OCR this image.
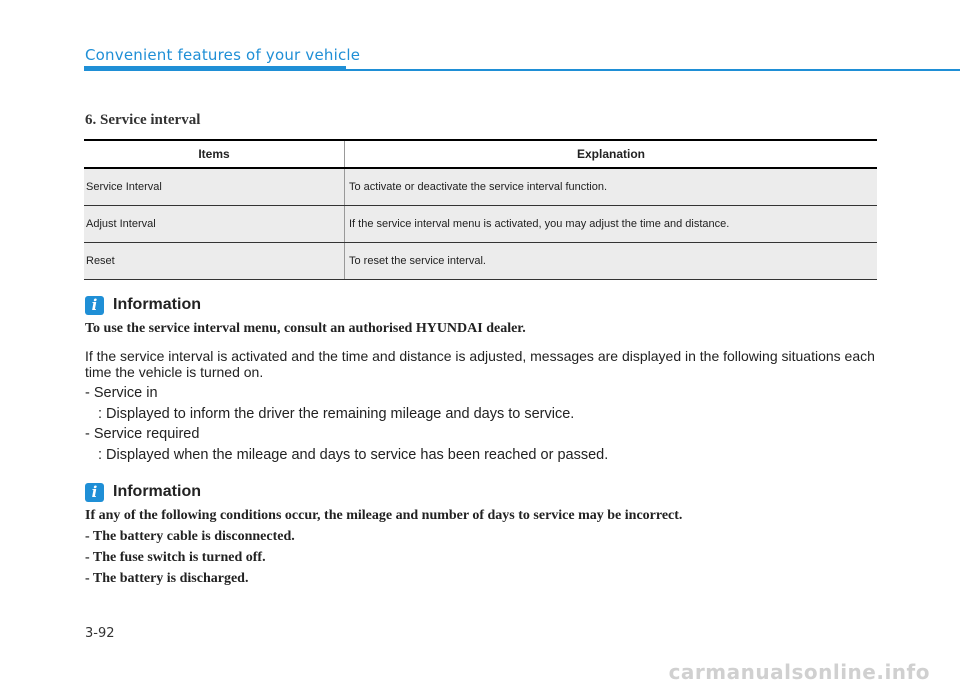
Convenient features of your vehicle
6. Service interval
Items	Explanation
Service Interval	To activate or deactivate the service interval function.
Adjust Interval	If the service interval menu is activated, you may adjust the time and distance.
Reset	To reset the service interval.
i Information
To use the service interval menu, consult an authorised HYUNDAI dealer.
If the service interval is activated and the time and distance is adjusted, messages are displayed in the following situations each time the vehicle is turned on.
- Service in
: Displayed to inform the driver the remaining mileage and days to service.
- Service required
: Displayed when the mileage and days to service has been reached or passed.
i Information
If any of the following conditions occur, the mileage and number of days to service may be incorrect.
- The battery cable is disconnected.
- The fuse switch is turned off.
- The battery is discharged.
3-92
carmanualsonline.info
